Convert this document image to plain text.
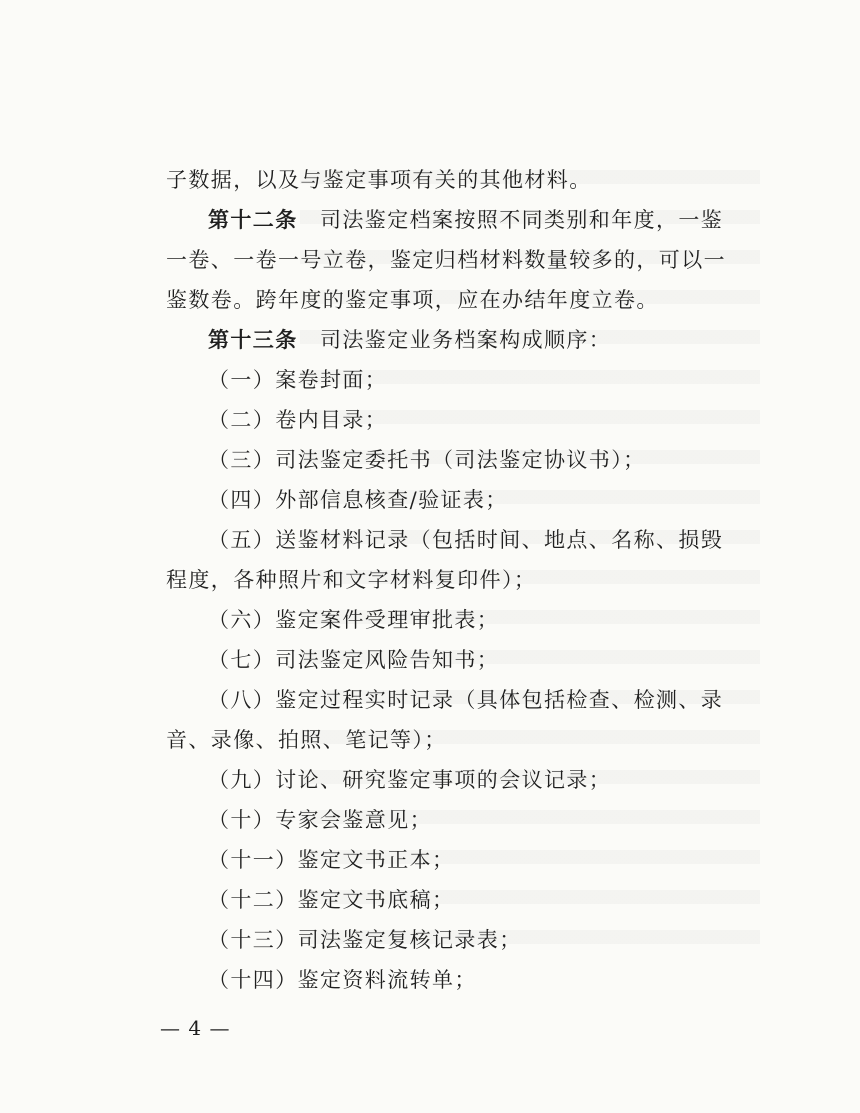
子数据，以及与鉴定事项有关的其他材料。

第十二条　司法鉴定档案按照不同类别和年度，一鉴一卷、一卷一号立卷，鉴定归档材料数量较多的，可以一鉴数卷。跨年度的鉴定事项，应在办结年度立卷。

第十三条　司法鉴定业务档案构成顺序：

（一）案卷封面；

（二）卷内目录；

（三）司法鉴定委托书（司法鉴定协议书）；

（四）外部信息核查/验证表；

（五）送鉴材料记录（包括时间、地点、名称、损毁程度，各种照片和文字材料复印件）；

（六）鉴定案件受理审批表；

（七）司法鉴定风险告知书；

（八）鉴定过程实时记录（具体包括检查、检测、录音、录像、拍照、笔记等）；

（九）讨论、研究鉴定事项的会议记录；

（十）专家会鉴意见；

（十一）鉴定文书正本；

（十二）鉴定文书底稿；

（十三）司法鉴定复核记录表；

（十四）鉴定资料流转单；

— 4 —
